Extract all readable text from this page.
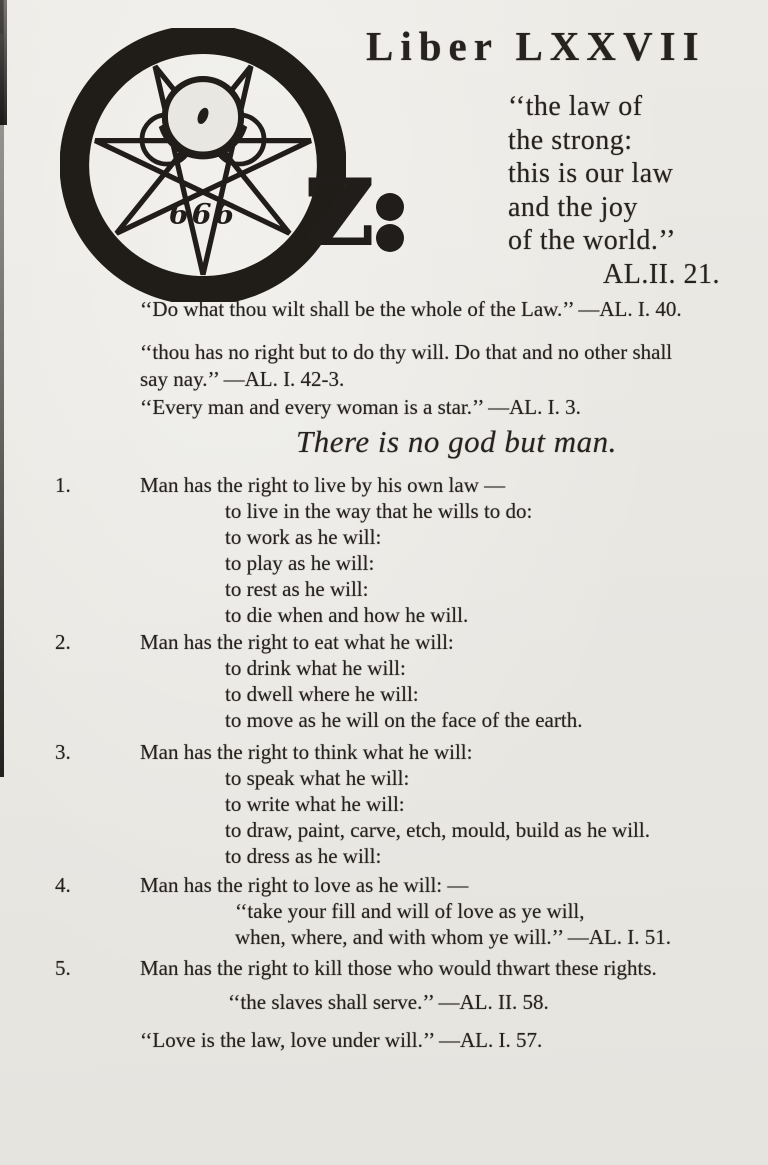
Liber LXXVII
666 z
‘‘the law of
the strong:
this is our law
and the joy
of the world.’’
AL.II. 21.
‘‘Do what thou wilt shall be the whole of the Law.’’ —AL. I. 40.
‘‘thou has no right but to do thy will. Do that and no other shall
say nay.’’ —AL. I. 42-3.
‘‘Every man and every woman is a star.’’ —AL. I. 3.
There is no god but man.
1.	Man has the right to live by his own law —
to live in the way that he wills to do:
to work as he will:
to play as he will:
to rest as he will:
to die when and how he will.
2.	Man has the right to eat what he will:
to drink what he will:
to dwell where he will:
to move as he will on the face of the earth.
3.	Man has the right to think what he will:
to speak what he will:
to write what he will:
to draw, paint, carve, etch, mould, build as he will.
to dress as he will:
4.	Man has the right to love as he will: —
‘‘take your fill and will of love as ye will,
when, where, and with whom ye will.’’ —AL. I. 51.
5.	Man has the right to kill those who would thwart these rights.
‘‘the slaves shall serve.’’ —AL. II. 58.
‘‘Love is the law, love under will.’’ —AL. I. 57.
